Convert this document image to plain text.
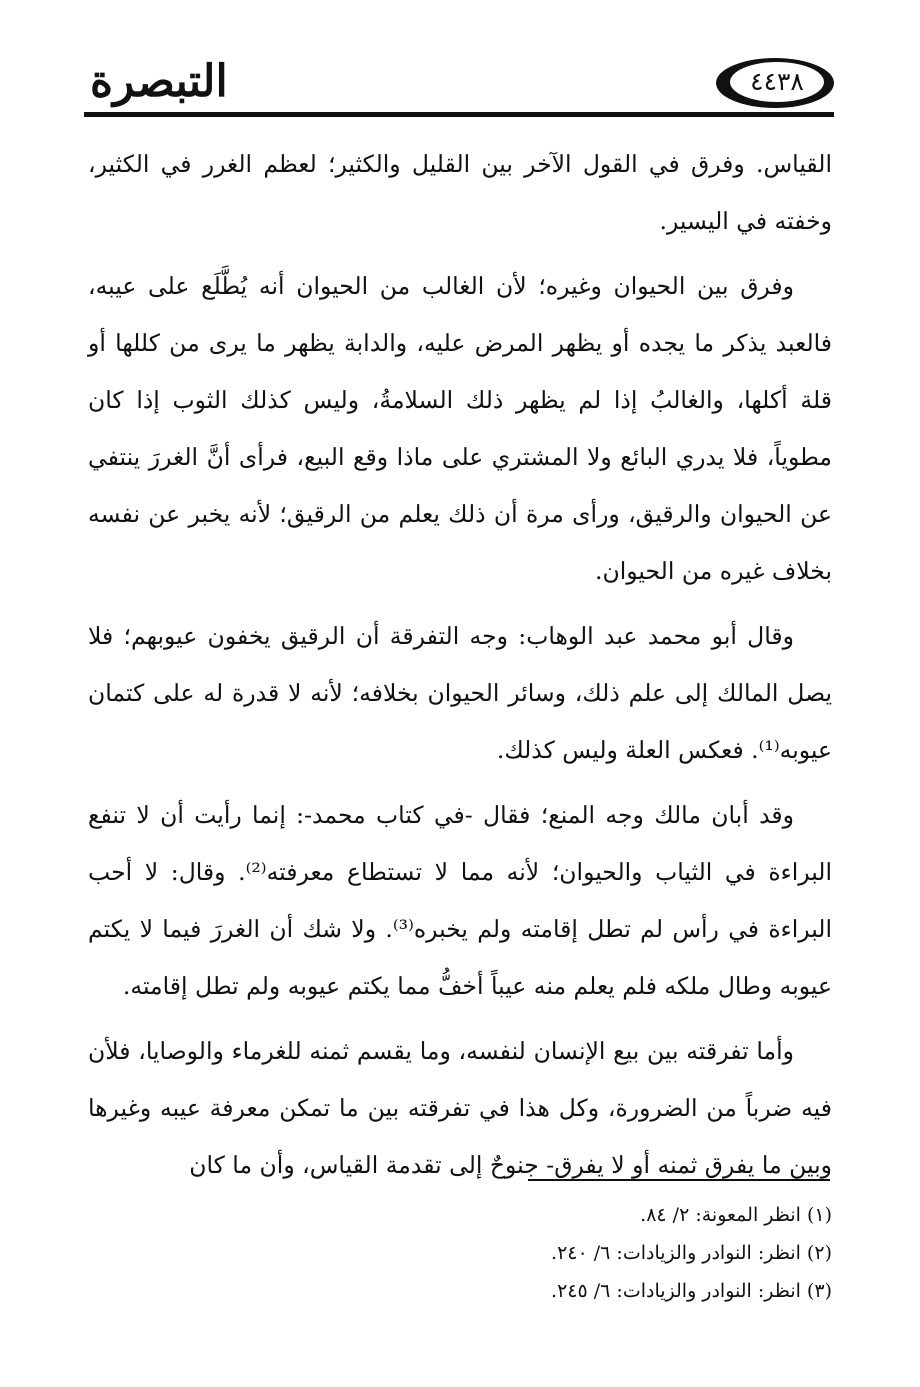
التبصرة	٤٤٣٨

القياس. وفرق في القول الآخر بين القليل والكثير؛ لعظم الغرر في الكثير، وخفته في اليسير.

وفرق بين الحيوان وغيره؛ لأن الغالب من الحيوان أنه يُطَّلَع على عيبه، فالعبد يذكر ما يجده أو يظهر المرض عليه، والدابة يظهر ما يرى من كللها أو قلة أكلها، والغالبُ إذا لم يظهر ذلك السلامةُ، وليس كذلك الثوب إذا كان مطوياً، فلا يدري البائع ولا المشتري على ماذا وقع البيع، فرأى أنَّ الغررَ ينتفي عن الحيوان والرقيق، ورأى مرة أن ذلك يعلم من الرقيق؛ لأنه يخبر عن نفسه بخلاف غيره من الحيوان.

وقال أبو محمد عبد الوهاب: وجه التفرقة أن الرقيق يخفون عيوبهم؛ فلا يصل المالك إلى علم ذلك، وسائر الحيوان بخلافه؛ لأنه لا قدرة له على كتمان عيوبه⁽¹⁾. فعكس العلة وليس كذلك.

وقد أبان مالك وجه المنع؛ فقال -في كتاب محمد-: إنما رأيت أن لا تنفع البراءة في الثياب والحيوان؛ لأنه مما لا تستطاع معرفته⁽²⁾. وقال: لا أحب البراءة في رأس لم تطل إقامته ولم يخبره⁽³⁾. ولا شك أن الغررَ فيما لا يكتم عيوبه وطال ملكه فلم يعلم منه عيباً أخفُّ مما يكتم عيوبه ولم تطل إقامته.

وأما تفرقته بين بيع الإنسان لنفسه، وما يقسم ثمنه للغرماء والوصايا، فلأن فيه ضرباً من الضرورة، وكل هذا في تفرقته بين ما تمكن معرفة عيبه وغيرها وبين ما يفرق ثمنه أو لا يفرق- جنوحٌ إلى تقدمة القياس، وأن ما كان

(١) انظر المعونة: ٢/ ٨٤.

(٢) انظر: النوادر والزيادات: ٦/ ٢٤٠.

(٣) انظر: النوادر والزيادات: ٦/ ٢٤٥.
